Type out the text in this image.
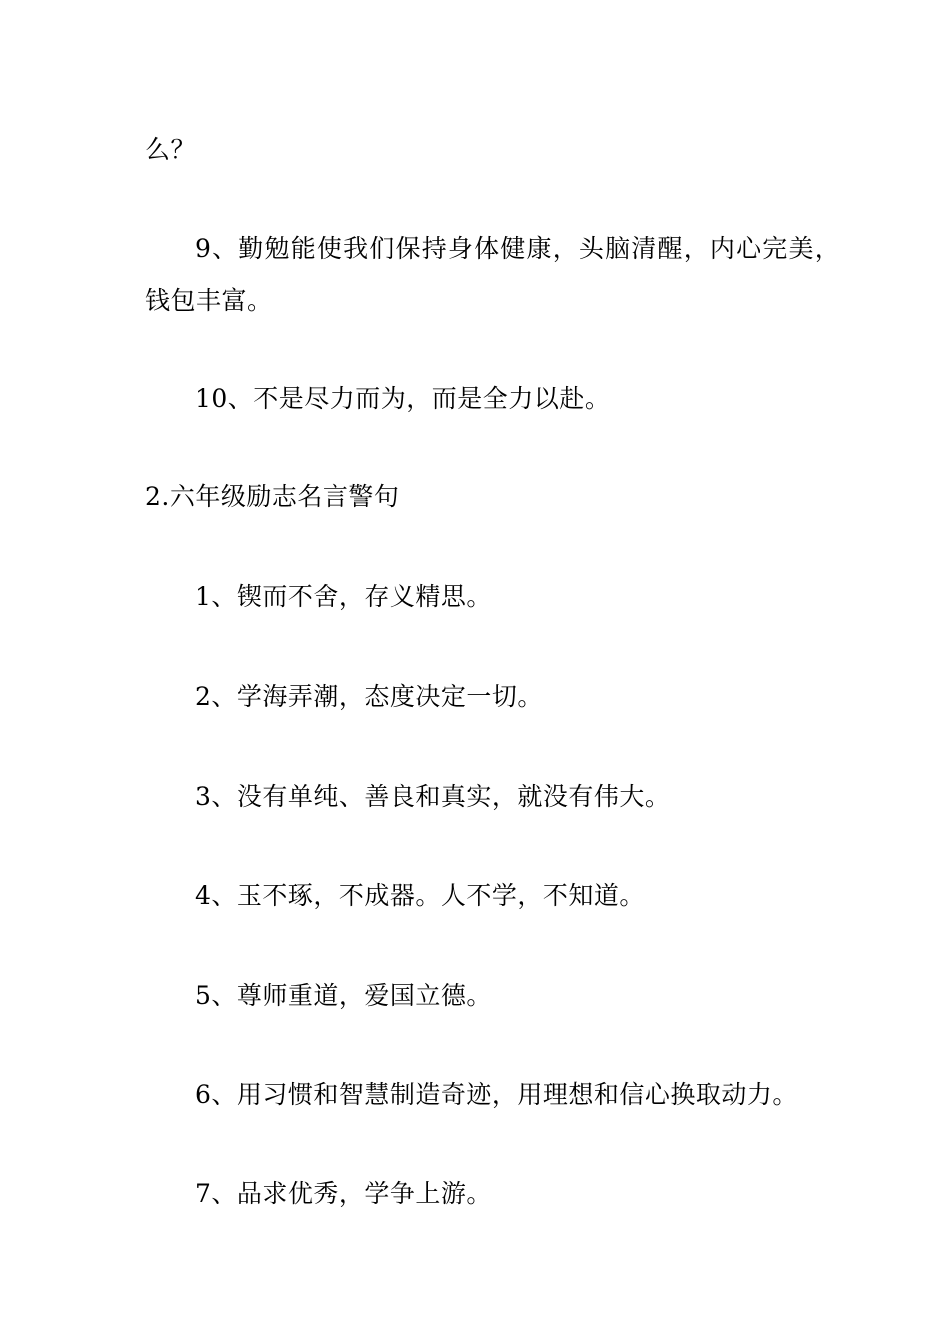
么？
9、勤勉能使我们保持身体健康，头脑清醒，内心完美，
钱包丰富。
10、不是尽力而为，而是全力以赴。
2.六年级励志名言警句
1、锲而不舍，存义精思。
2、学海弄潮，态度决定一切。
3、没有单纯、善良和真实，就没有伟大。
4、玉不琢，不成器。人不学，不知道。
5、尊师重道，爱国立德。
6、用习惯和智慧制造奇迹，用理想和信心换取动力。
7、品求优秀，学争上游。
